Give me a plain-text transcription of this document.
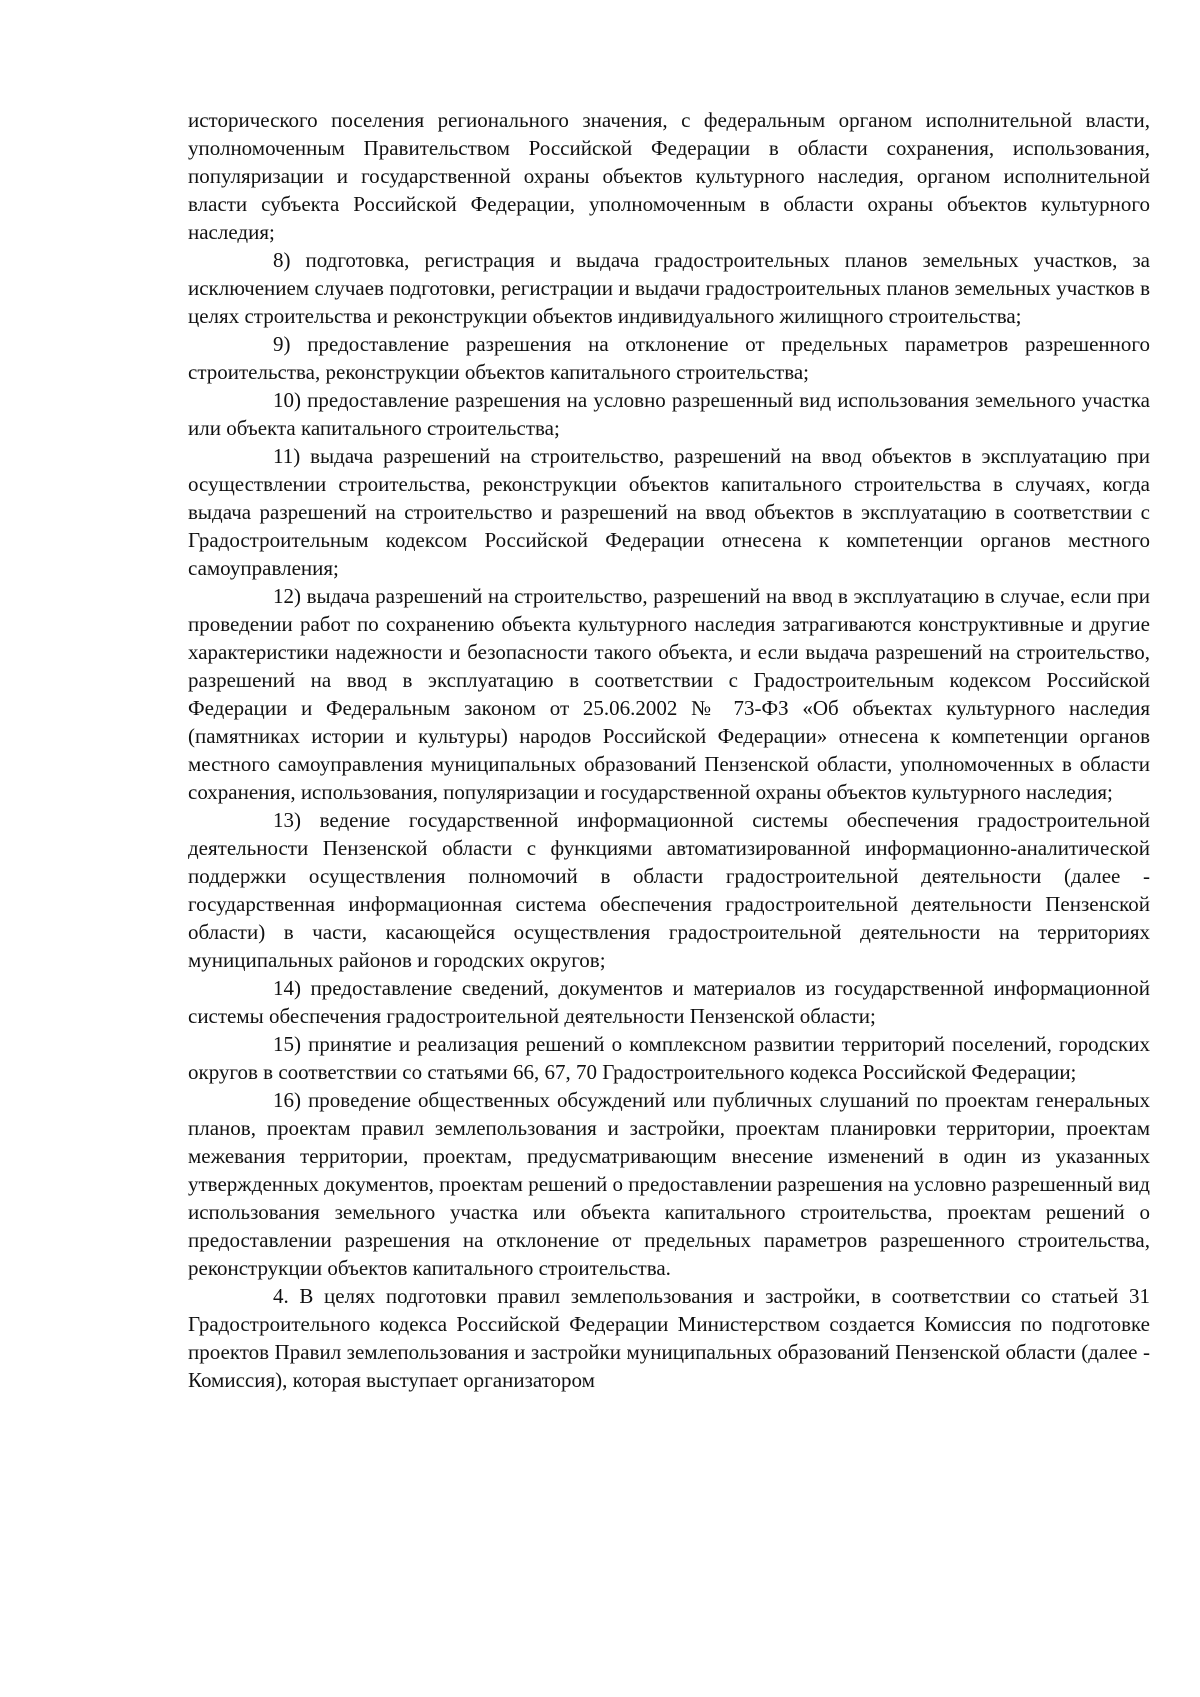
исторического поселения регионального значения, с федеральным органом исполнительной власти, уполномоченным Правительством Российской Федерации в области сохранения, использования, популяризации и государственной охраны объектов культурного наследия, органом исполнительной власти субъекта Российской Федерации, уполномоченным в области охраны объектов культурного наследия;

8) подготовка, регистрация и выдача градостроительных планов земельных участков, за исключением случаев подготовки, регистрации и выдачи градостроительных планов земельных участков в целях строительства и реконструкции объектов индивидуального жилищного строительства;

9) предоставление разрешения на отклонение от предельных параметров разрешенного строительства, реконструкции объектов капитального строительства;

10) предоставление разрешения на условно разрешенный вид использования земельного участка или объекта капитального строительства;

11) выдача разрешений на строительство, разрешений на ввод объектов в эксплуатацию при осуществлении строительства, реконструкции объектов капитального строительства в случаях, когда выдача разрешений на строительство и разрешений на ввод объектов в эксплуатацию в соответствии с Градостроительным кодексом Российской Федерации отнесена к компетенции органов местного самоуправления;

12) выдача разрешений на строительство, разрешений на ввод в эксплуатацию в случае, если при проведении работ по сохранению объекта культурного наследия затрагиваются конструктивные и другие характеристики надежности и безопасности такого объекта, и если выдача разрешений на строительство, разрешений на ввод в эксплуатацию в соответствии с Градостроительным кодексом Российской Федерации и Федеральным законом от 25.06.2002 № 73-ФЗ «Об объектах культурного наследия (памятниках истории и культуры) народов Российской Федерации» отнесена к компетенции органов местного самоуправления муниципальных образований Пензенской области, уполномоченных в области сохранения, использования, популяризации и государственной охраны объектов культурного наследия;

13) ведение государственной информационной системы обеспечения градостроительной деятельности Пензенской области с функциями автоматизированной информационно-аналитической поддержки осуществления полномочий в области градостроительной деятельности (далее - государственная информационная система обеспечения градостроительной деятельности Пензенской области) в части, касающейся осуществления градостроительной деятельности на территориях муниципальных районов и городских округов;

14) предоставление сведений, документов и материалов из государственной информационной системы обеспечения градостроительной деятельности Пензенской области;

15) принятие и реализация решений о комплексном развитии территорий поселений, городских округов в соответствии со статьями 66, 67, 70 Градостроительного кодекса Российской Федерации;

16) проведение общественных обсуждений или публичных слушаний по проектам генеральных планов, проектам правил землепользования и застройки, проектам планировки территории, проектам межевания территории, проектам, предусматривающим внесение изменений в один из указанных утвержденных документов, проектам решений о предоставлении разрешения на условно разрешенный вид использования земельного участка или объекта капитального строительства, проектам решений о предоставлении разрешения на отклонение от предельных параметров разрешенного строительства, реконструкции объектов капитального строительства.

4. В целях подготовки правил землепользования и застройки, в соответствии со статьей 31 Градостроительного кодекса Российской Федерации Министерством создается Комиссия по подготовке проектов Правил землепользования и застройки муниципальных образований Пензенской области (далее - Комиссия), которая выступает организатором
